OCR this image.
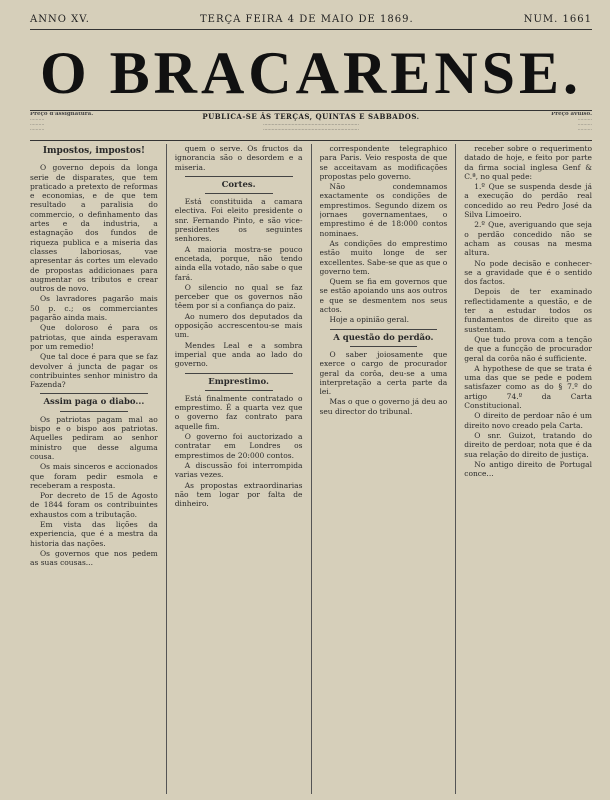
ANNO XV.	TERÇA FEIRA 4 DE MAIO DE 1869.	NUM. 1661
O BRACARENSE.
Preço d'assignatura.
··········
··········
··········
PUBLICA-SE ÁS TERÇAS, QUINTAS E SABBADOS.
···································································
···································································
Preço avulso.
··········
··········
··········
Impostos, impostos!

O governo depois da longa serie de disparates, que tem praticado a pretexto de reformas e economias, e de que tem resultado a paralisia do commercio, o definhamento das artes e da industria, a estagnação dos fundos de riqueza publica e a miseria das classes laboriosas, vae apresentar ás cortes um elevado de propostas addicionaes para augmentar os tributos e crear outros de novo.

Os lavradores pagarão mais 50 p. c.; os commerciantes pagarão ainda mais.

Que doloroso é para os patriotas, que ainda esperavam por um remedio!

Que tal doce é para que se faz devolver á juncta de pagar os contribuintes senhor ministro da Fazenda?

Assim paga o diabo...

Os patriotas pagam mal ao bispo e o bispo aos patriotas. Aquelles pediram ao senhor ministro que desse alguma cousa.

Os mais sinceros e accionados que foram pedir esmola e receberam a resposta.

Por decreto de 15 de Agosto de 1844 foram os contribuintes exhaustos com a tributação.

Em vista das lições da experiencia, que é a mestra da historia das nações.

Os governos que nos pedem as suas cousas...

quem o serve. Os fructos da ignorancia são o desordem e a miseria.

Cortes.

Está constituida a camara electiva. Foi eleito presidente o snr. Fernando Pinto, e são vice-presidentes os seguintes senhores.

A maioria mostra-se pouco encetada, porque, não tendo ainda ella votado, não sabe o que fará.

O silencio no qual se faz perceber que os governos não têem por si a confiança do paiz.

Ao numero dos deputados da opposição accrescentou-se mais um.

Mendes Leal e a sombra imperial que anda ao lado do governo.

Emprestimo.

Está finalmente contratado o emprestimo. É a quarta vez que o governo faz contrato para aquelle fim.

O governo foi auctorizado a contratar em Londres os emprestimos de 20:000 contos.

A discussão foi interrompida varias vezes.

As propostas extraordinarias não tem logar por falta de dinheiro.

correspondente telegraphico para Paris. Veio resposta de que se acceitavam as modificações propostas pelo governo.

Não condemnamos exactamente os condições de emprestimos. Segundo dizem os jornaes governamentaes, o emprestimo é de 18:000 contos nominaes.

As condições do emprestimo estão muito longe de ser excellentes. Sabe-se que as que o governo tem.

Quem se fia em governos que se estão apoiando uns aos outros e que se desmentem nos seus actos.

Hoje a opinião geral.

A questão do perdão.

O saber joiosamente que exerce o cargo de procurador geral da corôa, deu-se a uma interpretação a certa parte da lei.

Mas o que o governo já deu ao seu director do tribunal.

receber sobre o requerimento datado de hoje, e feito por parte da firma social inglesa Genf & C.ª, no qual pede:

1.º Que se suspenda desde já a execução do perdão real concedido ao reu Pedro José da Silva Limoeiro.

2.º Que, averiguando que seja o perdão concedido não se acham as cousas na mesma altura.

No pode decisão e conhecer-se a gravidade que é o sentido dos factos.

Depois de ter examinado reflectidamente a questão, e de ter a estudar todos os fundamentos de direito que as sustentam.

Que tudo prova com a tenção de que a funcção de procurador geral da corôa não é sufficiente.

A hypothese de que se trata é uma das que se pede e podem satisfazer como as do § 7.º do artigo 74.º da Carta Constitucional.

O direito de perdoar não é um direito novo creado pela Carta.

O snr. Guizot, tratando do direito de perdoar, nota que é da sua relação do direito de justiça.

No antigo direito de Portugal conce...
